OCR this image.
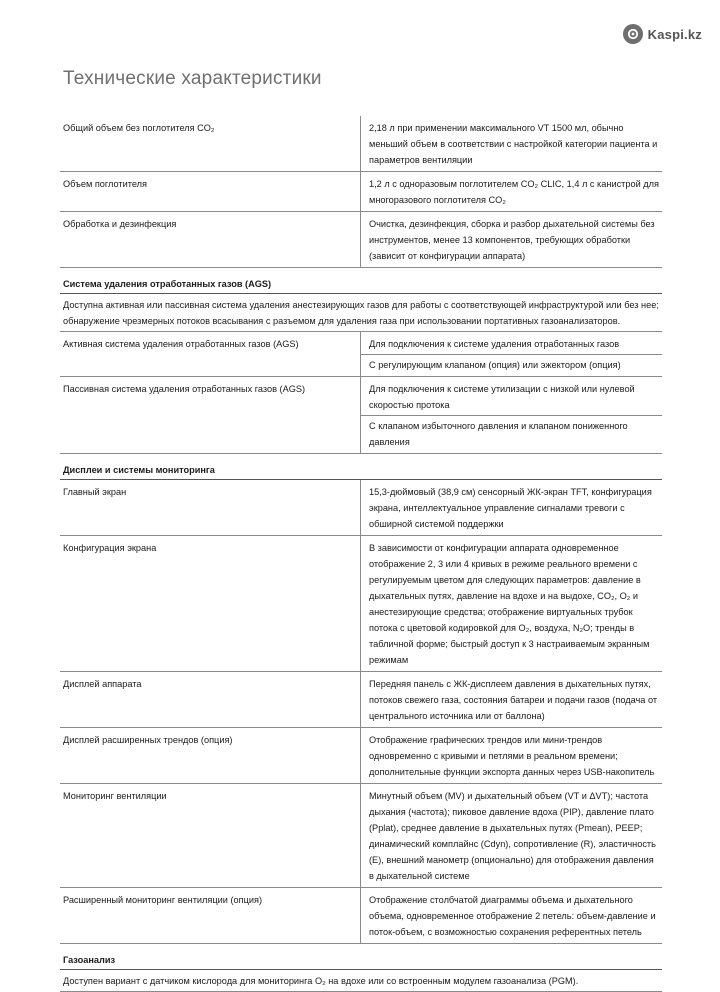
Kaspi.kz
Технические характеристики
Общий объем без поглотителя CO₂	2,18 л при применении максимального VT 1500 мл, обычно меньший объем в соответствии с настройкой категории пациента и параметров вентиляции
Объем поглотителя	1,2 л с одноразовым поглотителем CO₂ CLIC, 1,4 л с канистрой для многоразового поглотителя CO₂
Обработка и дезинфекция	Очистка, дезинфекция, сборка и разбор дыхательной системы без инструментов, менее 13 компонентов, требующих обработки (зависит от конфигурации аппарата)
Система удаления отработанных газов (AGS)
Доступна активная или пассивная система удаления анестезирующих газов для работы с соответствующей инфраструктурой или без нее; обнаружение чрезмерных потоков всасывания с разъемом для удаления газа при использовании портативных газоанализаторов.
Активная система удаления отработанных газов (AGS)	Для подключения к системе удаления отработанных газов
С регулирующим клапаном (опция) или эжектором (опция)
Пассивная система удаления отработанных газов (AGS)	Для подключения к системе утилизации с низкой или нулевой скоростью протока
С клапаном избыточного давления и клапаном пониженного давления
Дисплеи и системы мониторинга
Главный экран	15,3-дюймовый (38,9 см) сенсорный ЖК-экран TFT, конфигурация экрана, интеллектуальное управление сигналами тревоги с обширной системой поддержки
Конфигурация экрана	В зависимости от конфигурации аппарата одновременное отображение 2, 3 или 4 кривых в режиме реального времени с регулируемым цветом для следующих параметров: давление в дыхательных путях, давление на вдохе и на выдохе, CO₂, O₂ и анестезирующие средства; отображение виртуальных трубок потока с цветовой кодировкой для O₂, воздуха, N₂O; тренды в табличной форме; быстрый доступ к 3 настраиваемым экранным режимам
Дисплей аппарата	Передняя панель с ЖК-дисплеем давления в дыхательных путях, потоков свежего газа, состояния батареи и подачи газов (подача от центрального источника или от баллона)
Дисплей расширенных трендов (опция)	Отображение графических трендов или мини-трендов одновременно с кривыми и петлями в реальном времени; дополнительные функции экспорта данных через USB-накопитель
Мониторинг вентиляции	Минутный объем (MV) и дыхательный объем (VT и ΔVT); частота дыхания (частота); пиковое давление вдоха (PIP), давление плато (Pplat), среднее давление в дыхательных путях (Pmean), PEEP; динамический комплайнс (Cdyn), сопротивление (R), эластичность (E), внешний манометр (опционально) для отображения давления в дыхательной системе
Расширенный мониторинг вентиляции (опция)	Отображение столбчатой диаграммы объема и дыхательного объема, одновременное отображение 2 петель: объем-давление и поток-объем, с возможностью сохранения референтных петель
Газоанализ
Доступен вариант с датчиком кислорода для мониторинга O₂ на вдохе или со встроенным модулем газоанализа (PGM).
